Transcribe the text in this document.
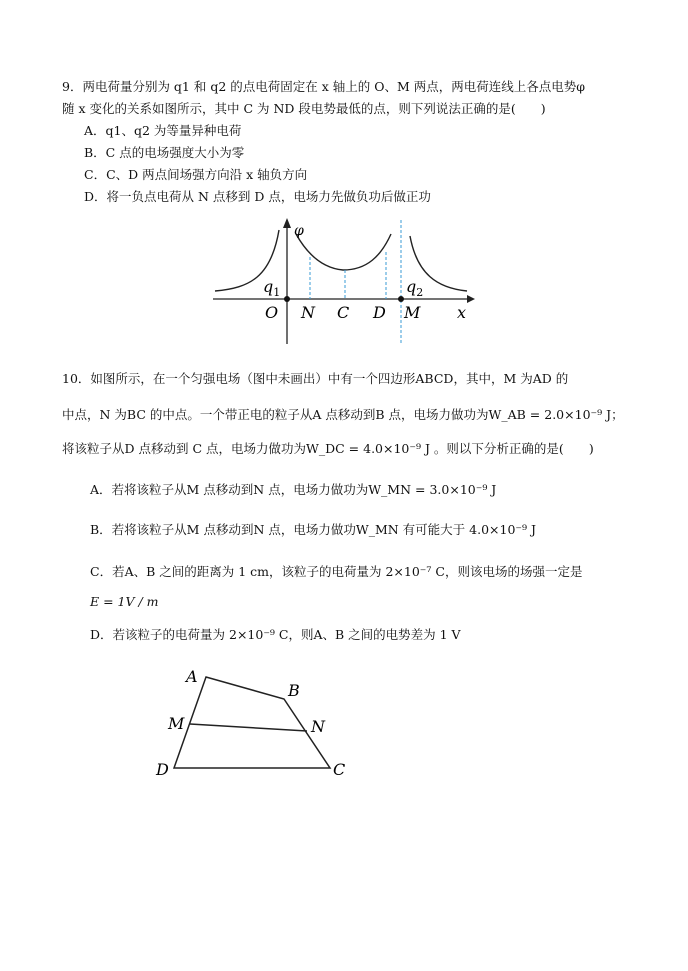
9．两电荷量分别为 q1 和 q2 的点电荷固定在 x 轴上的 O、M 两点，两电荷连线上各点电势φ
随 x 变化的关系如图所示，其中 C 为 ND 段电势最低的点，则下列说法正确的是(　　)
A．q1、q2 为等量异种电荷
B．C 点的电场强度大小为零
C．C、D 两点间场强方向沿 x 轴负方向
D．将一负点电荷从 N 点移到 D 点，电场力先做负功后做正功
φ
$q_1$	$q_2$
O N C D M x
10．如图所示，在一个匀强电场（图中未画出）中有一个四边形ABCD，其中，M 为AD 的
中点，N 为BC 的中点。一个带正电的粒子从A 点移动到B 点，电场力做功为W_AB = 2.0×10⁻⁹ J；
将该粒子从D 点移动到 C 点，电场力做功为W_DC = 4.0×10⁻⁹ J 。则以下分析正确的是(　　)
A．若将该粒子从M 点移动到N 点，电场力做功为W_MN = 3.0×10⁻⁹ J
B．若将该粒子从M 点移动到N 点，电场力做功W_MN 有可能大于 4.0×10⁻⁹ J
C．若A、B 之间的距离为 1 cm，该粒子的电荷量为 2×10⁻⁷ C，则该电场的场强一定是
E = 1V / m
D．若该粒子的电荷量为 2×10⁻⁹ C，则A、B 之间的电势差为 1 V
A
B
M	N
D	C
